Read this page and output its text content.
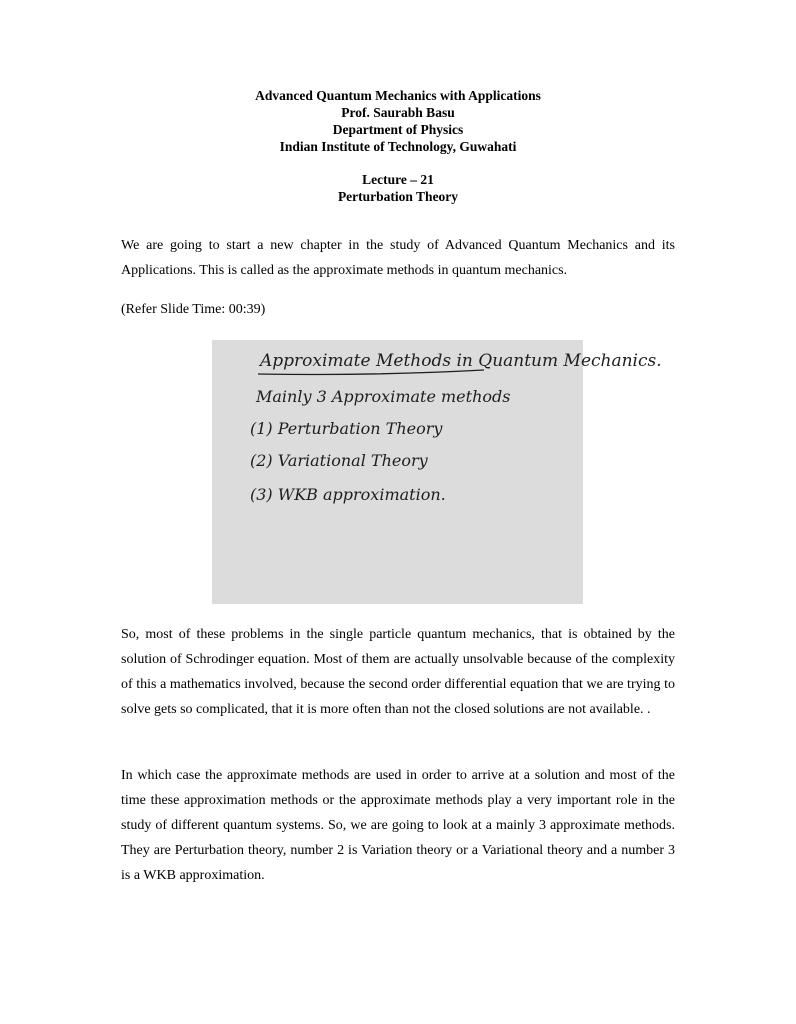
Advanced Quantum Mechanics with Applications
Prof. Saurabh Basu
Department of Physics
Indian Institute of Technology, Guwahati
Lecture – 21
Perturbation Theory
We are going to start a new chapter in the study of Advanced Quantum Mechanics and its Applications. This is called as the approximate methods in quantum mechanics.
(Refer Slide Time: 00:39)
Approximate Methods in Quantum Mechanics.
Mainly 3 Approximate methods
(1) Perturbation Theory
(2) Variational Theory
(3) WKB approximation.
So, most of these problems in the single particle quantum mechanics, that is obtained by the solution of Schrodinger equation. Most of them are actually unsolvable because of the complexity of this a mathematics involved, because the second order differential equation that we are trying to solve gets so complicated, that it is more often than not the closed solutions are not available. .
In which case the approximate methods are used in order to arrive at a solution and most of the time these approximation methods or the approximate methods play a very important role in the study of different quantum systems. So, we are going to look at a mainly 3 approximate methods. They are Perturbation theory, number 2 is Variation theory or a Variational theory and a number 3 is a WKB approximation.
